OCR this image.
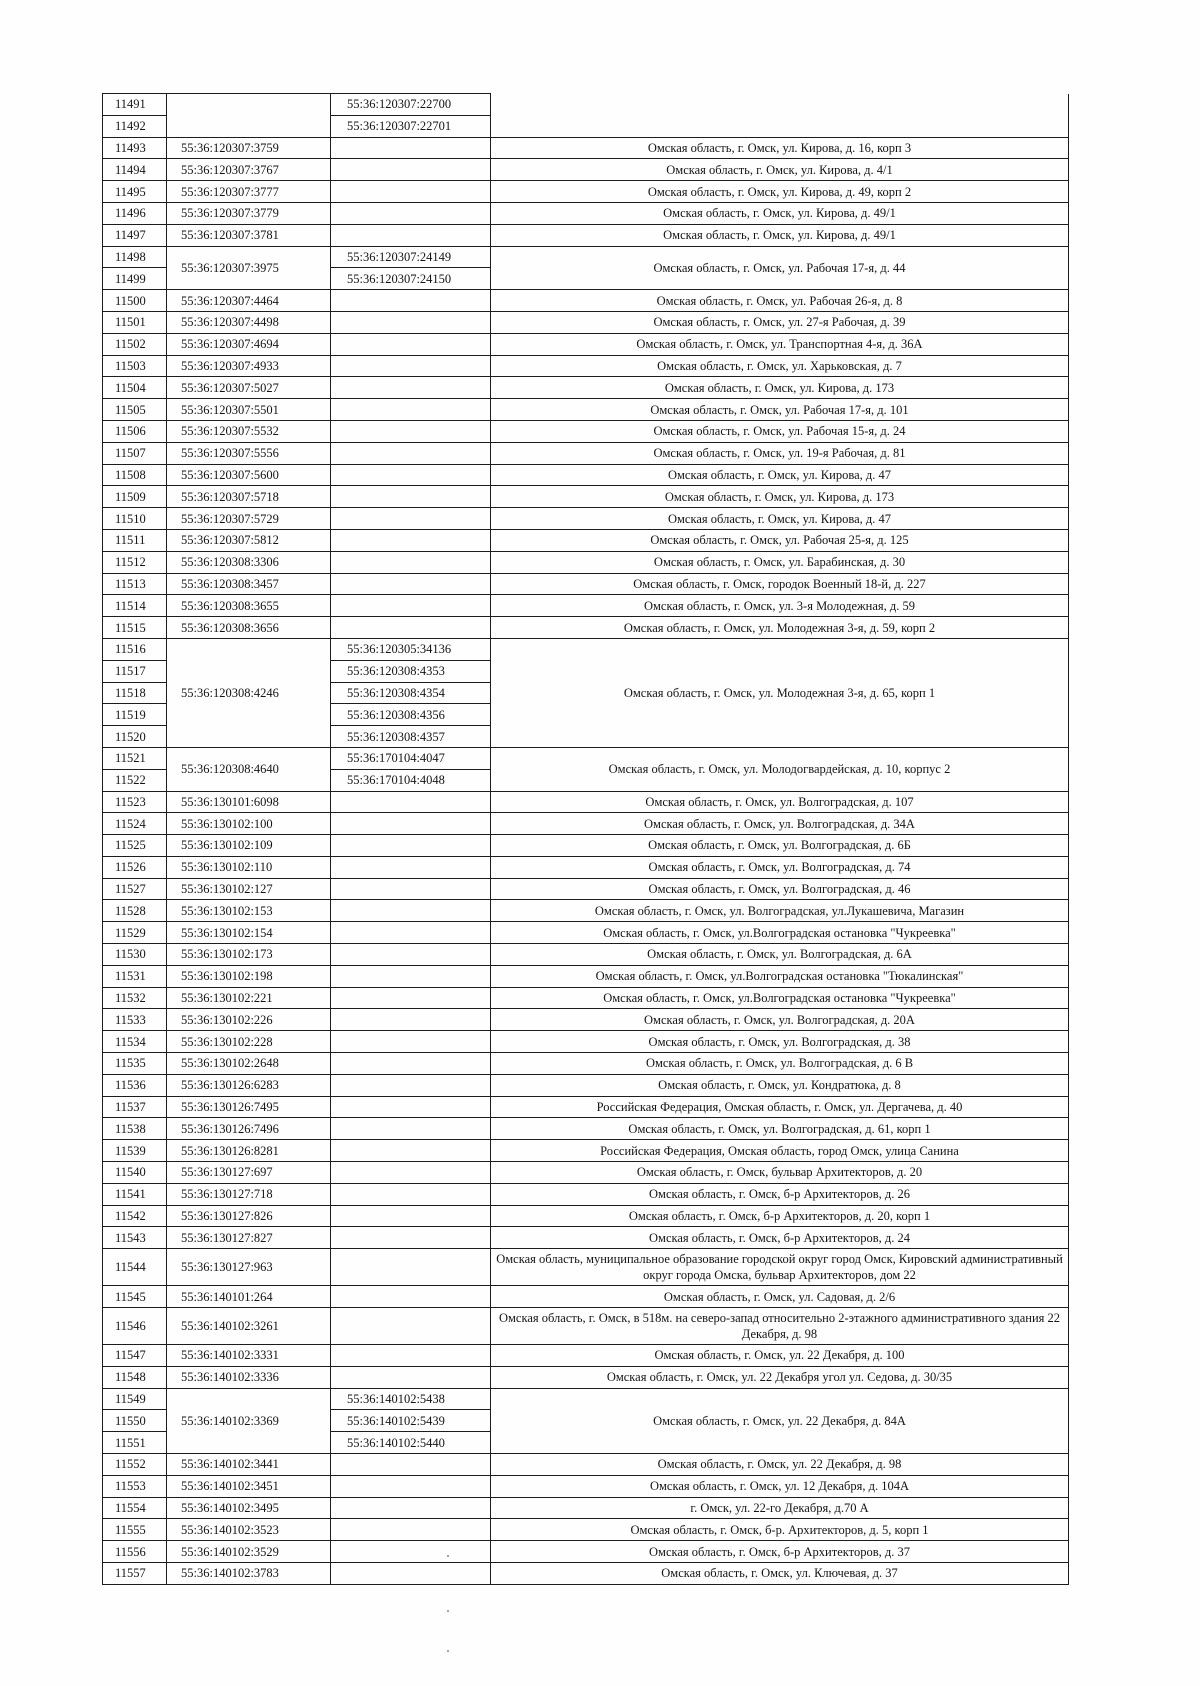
11491		55:36:120307:22700	
11492		55:36:120307:22701	
11493	55:36:120307:3759		Омская область, г. Омск, ул. Кирова, д. 16, корп 3
11494	55:36:120307:3767		Омская область, г. Омск, ул. Кирова, д. 4/1
11495	55:36:120307:3777		Омская область, г. Омск, ул. Кирова, д. 49, корп 2
11496	55:36:120307:3779		Омская область, г. Омск, ул. Кирова, д. 49/1
11497	55:36:120307:3781		Омская область, г. Омск, ул. Кирова, д. 49/1
11498	55:36:120307:3975	55:36:120307:24149	Омская область, г. Омск, ул. Рабочая 17-я, д. 44
11499		55:36:120307:24150	
11500	55:36:120307:4464		Омская область, г. Омск, ул. Рабочая 26-я, д. 8
11501	55:36:120307:4498		Омская область, г. Омск, ул. 27-я Рабочая, д. 39
11502	55:36:120307:4694		Омская область, г. Омск, ул. Транспортная 4-я, д. 36А
11503	55:36:120307:4933		Омская область, г. Омск, ул. Харьковская, д. 7
11504	55:36:120307:5027		Омская область, г. Омск, ул. Кирова, д. 173
11505	55:36:120307:5501		Омская область, г. Омск, ул. Рабочая 17-я, д. 101
11506	55:36:120307:5532		Омская область, г. Омск, ул. Рабочая 15-я, д. 24
11507	55:36:120307:5556		Омская область, г. Омск, ул. 19-я Рабочая, д. 81
11508	55:36:120307:5600		Омская область, г. Омск, ул. Кирова, д. 47
11509	55:36:120307:5718		Омская область, г. Омск, ул. Кирова, д. 173
11510	55:36:120307:5729		Омская область, г. Омск, ул. Кирова, д. 47
11511	55:36:120307:5812		Омская область, г. Омск, ул. Рабочая 25-я, д. 125
11512	55:36:120308:3306		Омская область, г. Омск, ул. Барабинская, д. 30
11513	55:36:120308:3457		Омская область, г. Омск, городок Военный 18-й, д. 227
11514	55:36:120308:3655		Омская область, г. Омск, ул. 3-я Молодежная, д. 59
11515	55:36:120308:3656		Омская область, г. Омск, ул. Молодежная 3-я, д. 59, корп 2
11516	55:36:120308:4246	55:36:120305:34136	Омская область, г. Омск, ул. Молодежная 3-я, д. 65, корп 1
11517		55:36:120308:4353	
11518		55:36:120308:4354	
11519		55:36:120308:4356	
11520		55:36:120308:4357	
11521	55:36:120308:4640	55:36:170104:4047	Омская область, г. Омск, ул. Молодогвардейская, д. 10, корпус 2
11522		55:36:170104:4048	
11523	55:36:130101:6098		Омская область, г. Омск, ул. Волгоградская, д. 107
11524	55:36:130102:100		Омская область, г. Омск, ул. Волгоградская, д. 34А
11525	55:36:130102:109		Омская область, г. Омск, ул. Волгоградская, д. 6Б
11526	55:36:130102:110		Омская область, г. Омск, ул. Волгоградская, д. 74
11527	55:36:130102:127		Омская область, г. Омск, ул. Волгоградская, д. 46
11528	55:36:130102:153		Омская область, г. Омск, ул. Волгоградская, ул.Лукашевича, Магазин
11529	55:36:130102:154		Омская область, г. Омск, ул.Волгоградская остановка "Чукреевка"
11530	55:36:130102:173		Омская область, г. Омск, ул. Волгоградская, д. 6А
11531	55:36:130102:198		Омская область, г. Омск, ул.Волгоградская остановка "Тюкалинская"
11532	55:36:130102:221		Омская область, г. Омск, ул.Волгоградская остановка "Чукреевка"
11533	55:36:130102:226		Омская область, г. Омск, ул. Волгоградская, д. 20А
11534	55:36:130102:228		Омская область, г. Омск, ул. Волгоградская, д. 38
11535	55:36:130102:2648		Омская область, г. Омск, ул. Волгоградская, д. 6 В
11536	55:36:130126:6283		Омская область, г. Омск, ул. Кондратюка, д. 8
11537	55:36:130126:7495		Российская Федерация, Омская область, г. Омск, ул. Дергачева, д. 40
11538	55:36:130126:7496		Омская область, г. Омск, ул. Волгоградская, д. 61, корп 1
11539	55:36:130126:8281		Российская Федерация, Омская область, город Омск, улица Санина
11540	55:36:130127:697		Омская область, г. Омск, бульвар Архитекторов, д. 20
11541	55:36:130127:718		Омская область, г. Омск, б-р Архитекторов, д. 26
11542	55:36:130127:826		Омская область, г. Омск, б-р Архитекторов, д. 20, корп 1
11543	55:36:130127:827		Омская область, г. Омск, б-р Архитекторов, д. 24
11544	55:36:130127:963		Омская область, муниципальное образование городской округ город Омск, Кировский административный округ города Омска, бульвар Архитекторов, дом 22
11545	55:36:140101:264		Омская область, г. Омск, ул. Садовая, д. 2/6
11546	55:36:140102:3261		Омская область, г. Омск, в 518м. на северо-запад относительно 2-этажного административного здания 22 Декабря, д. 98
11547	55:36:140102:3331		Омская область, г. Омск, ул. 22 Декабря, д. 100
11548	55:36:140102:3336		Омская область, г. Омск, ул. 22 Декабря угол ул. Седова, д. 30/35
11549	55:36:140102:3369	55:36:140102:5438	Омская область, г. Омск, ул. 22 Декабря, д. 84А
11550		55:36:140102:5439	
11551		55:36:140102:5440	
11552	55:36:140102:3441		Омская область, г. Омск, ул. 22 Декабря, д. 98
11553	55:36:140102:3451		Омская область, г. Омск, ул. 12 Декабря, д. 104А
11554	55:36:140102:3495		г. Омск, ул. 22-го Декабря, д.70 А
11555	55:36:140102:3523		Омская область, г. Омск, б-р. Архитекторов, д. 5, корп 1
11556	55:36:140102:3529		Омская область, г. Омск, б-р Архитекторов, д. 37
11557	55:36:140102:3783		Омская область, г. Омск, ул. Ключевая, д. 37
